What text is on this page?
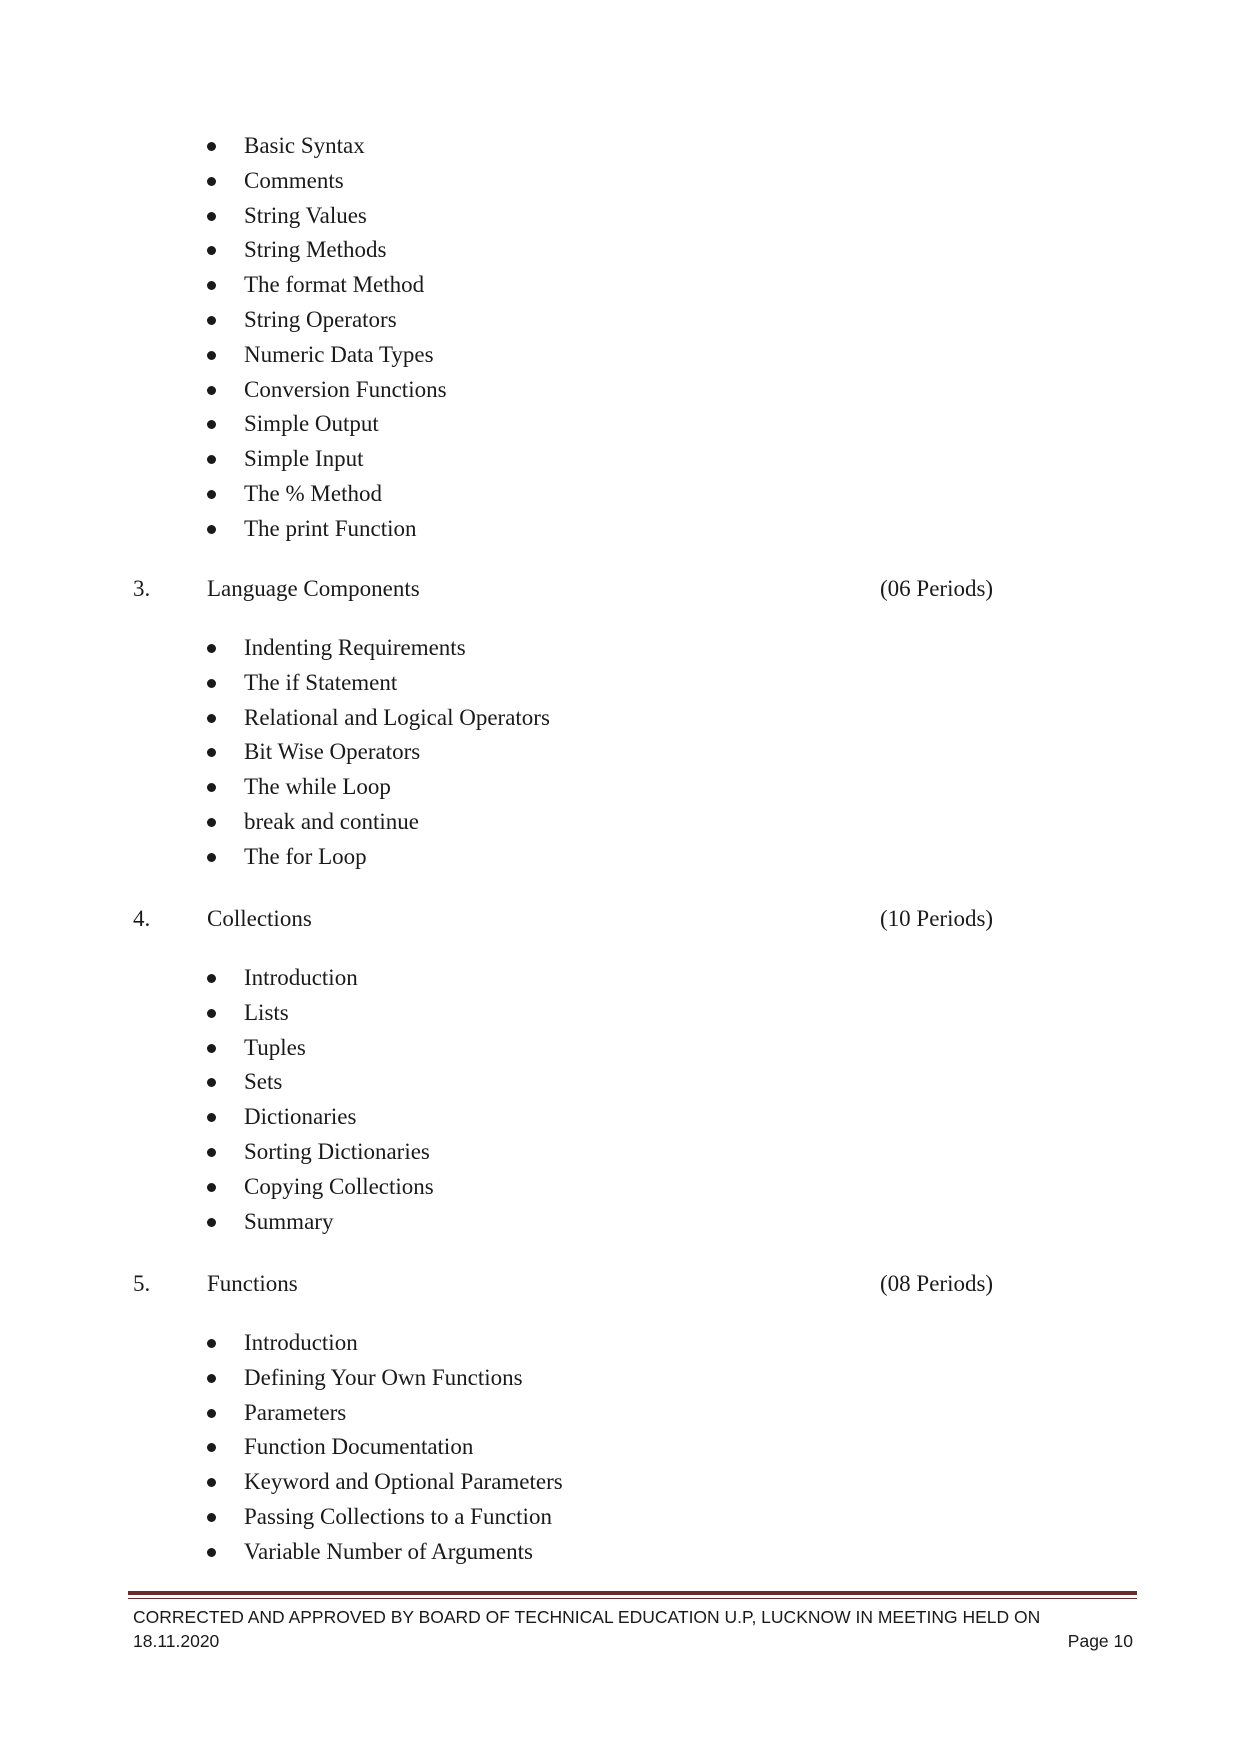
Basic Syntax
Comments
String Values
String Methods
The format Method
String Operators
Numeric Data Types
Conversion Functions
Simple Output
Simple Input
The % Method
The print Function
3. Language Components	(06 Periods)
Indenting Requirements
The if Statement
Relational and Logical Operators
Bit Wise Operators
The while Loop
break and continue
The for Loop
4. Collections	(10 Periods)
Introduction
Lists
Tuples
Sets
Dictionaries
Sorting Dictionaries
Copying Collections
Summary
5. Functions	(08 Periods)
Introduction
Defining Your Own Functions
Parameters
Function Documentation
Keyword and Optional Parameters
Passing Collections to a Function
Variable Number of Arguments
CORRECTED AND APPROVED BY BOARD OF TECHNICAL EDUCATION U.P, LUCKNOW IN MEETING HELD ON
18.11.2020	Page 10
